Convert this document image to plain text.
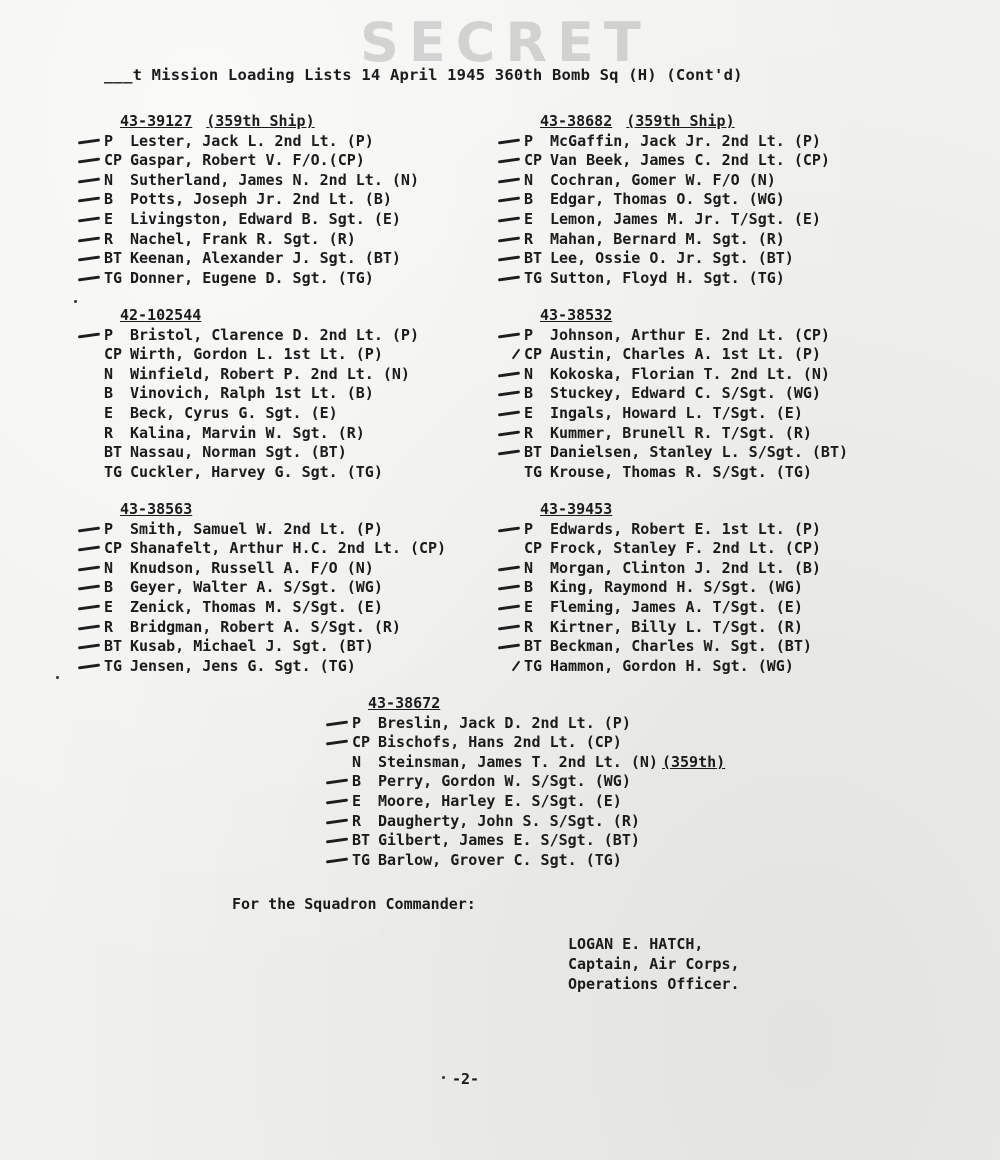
SECRET
___t Mission Loading Lists 14 April 1945 360th Bomb Sq (H) (Cont'd)
43-39127 (359th Ship)
P Lester, Jack L. 2nd Lt. (P)
CP Gaspar, Robert V. F/O.(CP)
N Sutherland, James N. 2nd Lt. (N)
B Potts, Joseph Jr. 2nd Lt. (B)
E Livingston, Edward B. Sgt. (E)
R Nachel, Frank R. Sgt. (R)
BT Keenan, Alexander J. Sgt. (BT)
TG Donner, Eugene D. Sgt. (TG)
43-38682 (359th Ship)
P McGaffin, Jack Jr. 2nd Lt. (P)
CP Van Beek, James C. 2nd Lt. (CP)
N Cochran, Gomer W. F/O (N)
B Edgar, Thomas O. Sgt. (WG)
E Lemon, James M. Jr. T/Sgt. (E)
R Mahan, Bernard M. Sgt. (R)
BT Lee, Ossie O. Jr. Sgt. (BT)
TG Sutton, Floyd H. Sgt. (TG)
42-102544
P Bristol, Clarence D. 2nd Lt. (P)
CP Wirth, Gordon L. 1st Lt. (P)
N Winfield, Robert P. 2nd Lt. (N)
B Vinovich, Ralph 1st Lt. (B)
E Beck, Cyrus G. Sgt. (E)
R Kalina, Marvin W. Sgt. (R)
BT Nassau, Norman Sgt. (BT)
TG Cuckler, Harvey G. Sgt. (TG)
43-38532
P Johnson, Arthur E. 2nd Lt. (CP)
CP Austin, Charles A. 1st Lt. (P)
N Kokoska, Florian T. 2nd Lt. (N)
B Stuckey, Edward C. S/Sgt. (WG)
E Ingals, Howard L. T/Sgt. (E)
R Kummer, Brunell R. T/Sgt. (R)
BT Danielsen, Stanley L. S/Sgt. (BT)
TG Krouse, Thomas R. S/Sgt. (TG)
43-38563
P Smith, Samuel W. 2nd Lt. (P)
CP Shanafelt, Arthur H.C. 2nd Lt. (CP)
N Knudson, Russell A. F/O (N)
B Geyer, Walter A. S/Sgt. (WG)
E Zenick, Thomas M. S/Sgt. (E)
R Bridgman, Robert A. S/Sgt. (R)
BT Kusab, Michael J. Sgt. (BT)
TG Jensen, Jens G. Sgt. (TG)
43-39453
P Edwards, Robert E. 1st Lt. (P)
CP Frock, Stanley F. 2nd Lt. (CP)
N Morgan, Clinton J. 2nd Lt. (B)
B King, Raymond H. S/Sgt. (WG)
E Fleming, James A. T/Sgt. (E)
R Kirtner, Billy L. T/Sgt. (R)
BT Beckman, Charles W. Sgt. (BT)
TG Hammon, Gordon H. Sgt. (WG)
43-38672
P Breslin, Jack D. 2nd Lt. (P)
CP Bischofs, Hans 2nd Lt. (CP)
N Steinsman, James T. 2nd Lt. (N) (359th)
B Perry, Gordon W. S/Sgt. (WG)
E Moore, Harley E. S/Sgt. (E)
R Daugherty, John S. S/Sgt. (R)
BT Gilbert, James E. S/Sgt. (BT)
TG Barlow, Grover C. Sgt. (TG)
For the Squadron Commander:
LOGAN E. HATCH,
Captain, Air Corps,
Operations Officer.
-2-
